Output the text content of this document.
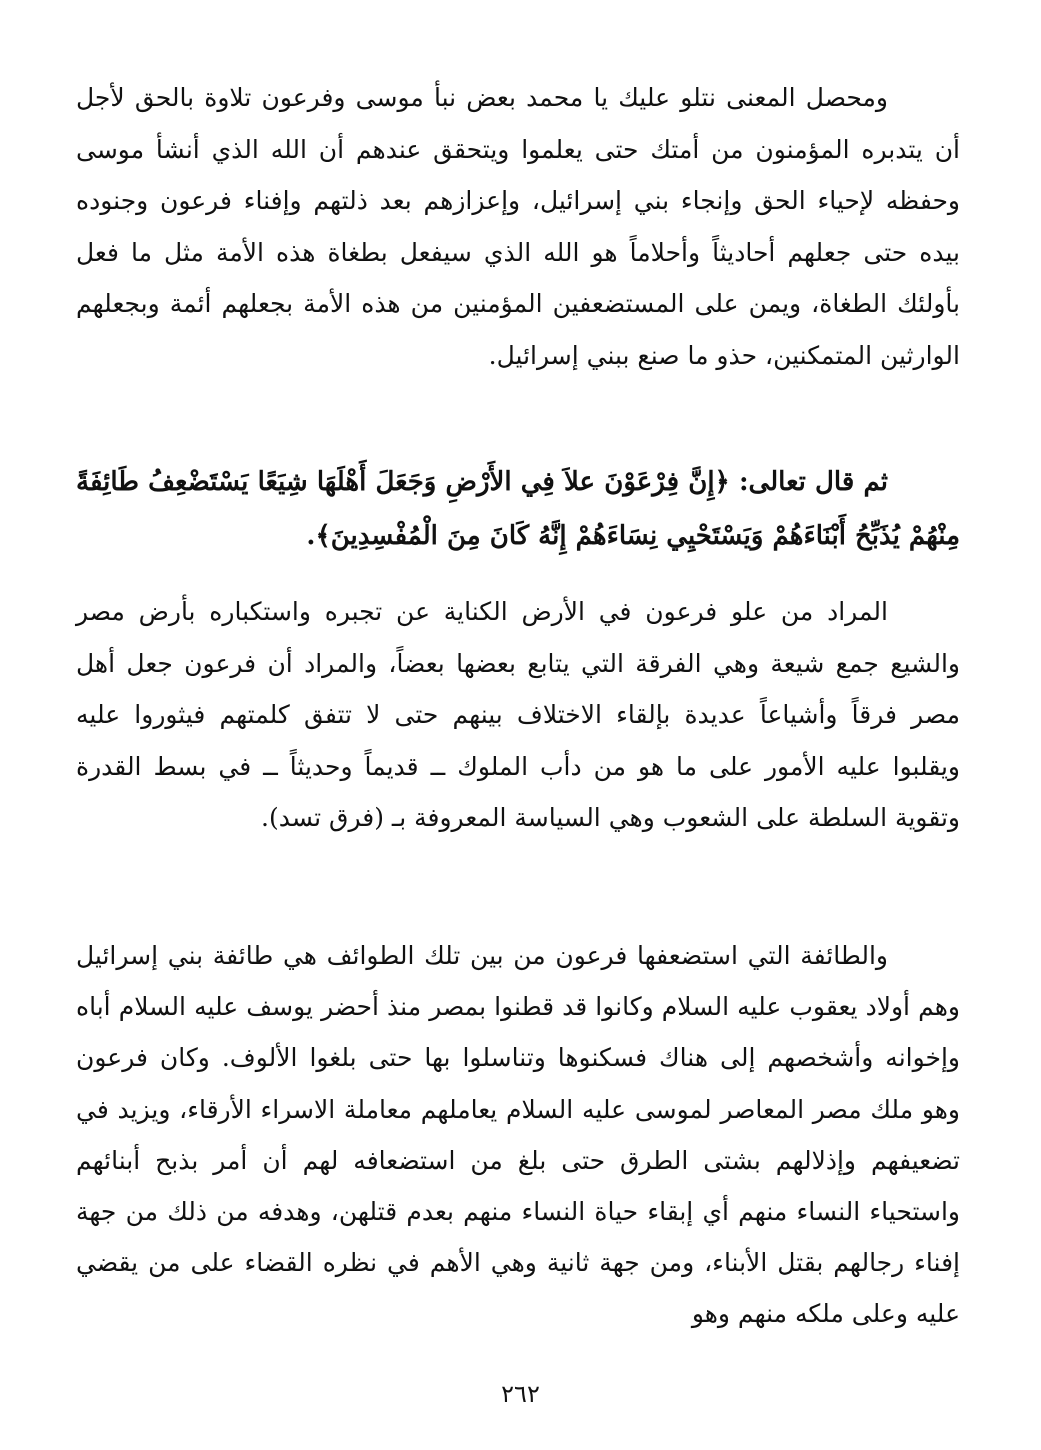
ومحصل المعنى نتلو عليك يا محمد بعض نبأ موسى وفرعون تلاوة بالحق لأجل أن يتدبره المؤمنون من أمتك حتى يعلموا ويتحقق عندهم أن الله الذي أنشأ موسى وحفظه لإحياء الحق وإنجاء بني إسرائيل، وإعزازهم بعد ذلتهم وإفناء فرعون وجنوده بيده حتى جعلهم أحاديثاً وأحلاماً هو الله الذي سيفعل بطغاة هذه الأمة مثل ما فعل بأولئك الطغاة، ويمن على المستضعفين المؤمنين من هذه الأمة بجعلهم أئمة وبجعلهم الوارثين المتمكنين، حذو ما صنع ببني إسرائيل.

ثم قال تعالى: ﴿إِنَّ فِرْعَوْنَ علاَ فِي الأَرْضِ وَجَعَلَ أَهْلَهَا شِيَعًا يَسْتَضْعِفُ طَائِفَةً مِنْهُمْ يُذَبِّحُ أَبْنَاءَهُمْ وَيَسْتَحْيِي نِسَاءَهُمْ إِنَّهُ كَانَ مِنَ الْمُفْسِدِينَ﴾.

المراد من علو فرعون في الأرض الكناية عن تجبره واستكباره بأرض مصر والشيع جمع شيعة وهي الفرقة التي يتابع بعضها بعضاً، والمراد أن فرعون جعل أهل مصر فرقاً وأشياعاً عديدة بإلقاء الاختلاف بينهم حتى لا تتفق كلمتهم فيثوروا عليه ويقلبوا عليه الأمور على ما هو من دأب الملوك ــ قديماً وحديثاً ــ في بسط القدرة وتقوية السلطة على الشعوب وهي السياسة المعروفة بـ (فرق تسد).

والطائفة التي استضعفها فرعون من بين تلك الطوائف هي طائفة بني إسرائيل وهم أولاد يعقوب عليه السلام وكانوا قد قطنوا بمصر منذ أحضر يوسف عليه السلام أباه وإخوانه وأشخصهم إلى هناك فسكنوها وتناسلوا بها حتى بلغوا الألوف. وكان فرعون وهو ملك مصر المعاصر لموسى عليه السلام يعاملهم معاملة الاسراء الأرقاء، ويزيد في تضعيفهم وإذلالهم بشتى الطرق حتى بلغ من استضعافه لهم أن أمر بذبح أبنائهم واستحياء النساء منهم أي إبقاء حياة النساء منهم بعدم قتلهن، وهدفه من ذلك من جهة إفناء رجالهم بقتل الأبناء، ومن جهة ثانية وهي الأهم في نظره القضاء على من يقضي عليه وعلى ملكه منهم وهو

٢٦٢
